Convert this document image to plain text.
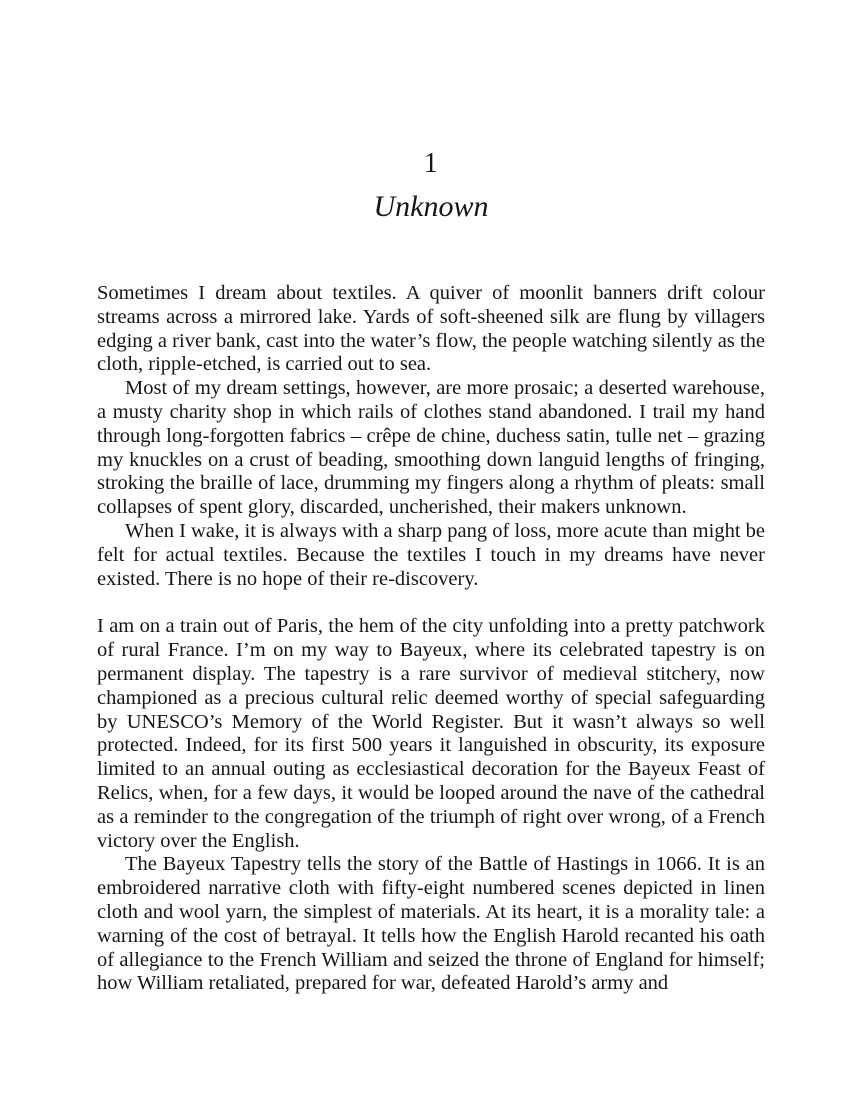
1
Unknown

Sometimes I dream about textiles. A quiver of moonlit banners drift colour streams across a mirrored lake. Yards of soft-sheened silk are flung by villagers edging a river bank, cast into the water’s flow, the people watching silently as the cloth, ripple-etched, is carried out to sea.

Most of my dream settings, however, are more prosaic; a deserted warehouse, a musty charity shop in which rails of clothes stand abandoned. I trail my hand through long-forgotten fabrics – crêpe de chine, duchess satin, tulle net – grazing my knuckles on a crust of beading, smoothing down languid lengths of fringing, stroking the braille of lace, drumming my fingers along a rhythm of pleats: small collapses of spent glory, discarded, uncherished, their makers unknown.

When I wake, it is always with a sharp pang of loss, more acute than might be felt for actual textiles. Because the textiles I touch in my dreams have never existed. There is no hope of their re-discovery.

I am on a train out of Paris, the hem of the city unfolding into a pretty patchwork of rural France. I’m on my way to Bayeux, where its celebrated tapestry is on permanent display. The tapestry is a rare survivor of medieval stitchery, now championed as a precious cultural relic deemed worthy of special safeguarding by UNESCO’s Memory of the World Register. But it wasn’t always so well protected. Indeed, for its first 500 years it languished in obscurity, its exposure limited to an annual outing as ecclesiastical decoration for the Bayeux Feast of Relics, when, for a few days, it would be looped around the nave of the cathedral as a reminder to the congregation of the triumph of right over wrong, of a French victory over the English.

The Bayeux Tapestry tells the story of the Battle of Hastings in 1066. It is an embroidered narrative cloth with fifty-eight numbered scenes depicted in linen cloth and wool yarn, the simplest of materials. At its heart, it is a morality tale: a warning of the cost of betrayal. It tells how the English Harold recanted his oath of allegiance to the French William and seized the throne of England for himself; how William retaliated, prepared for war, defeated Harold’s army and
